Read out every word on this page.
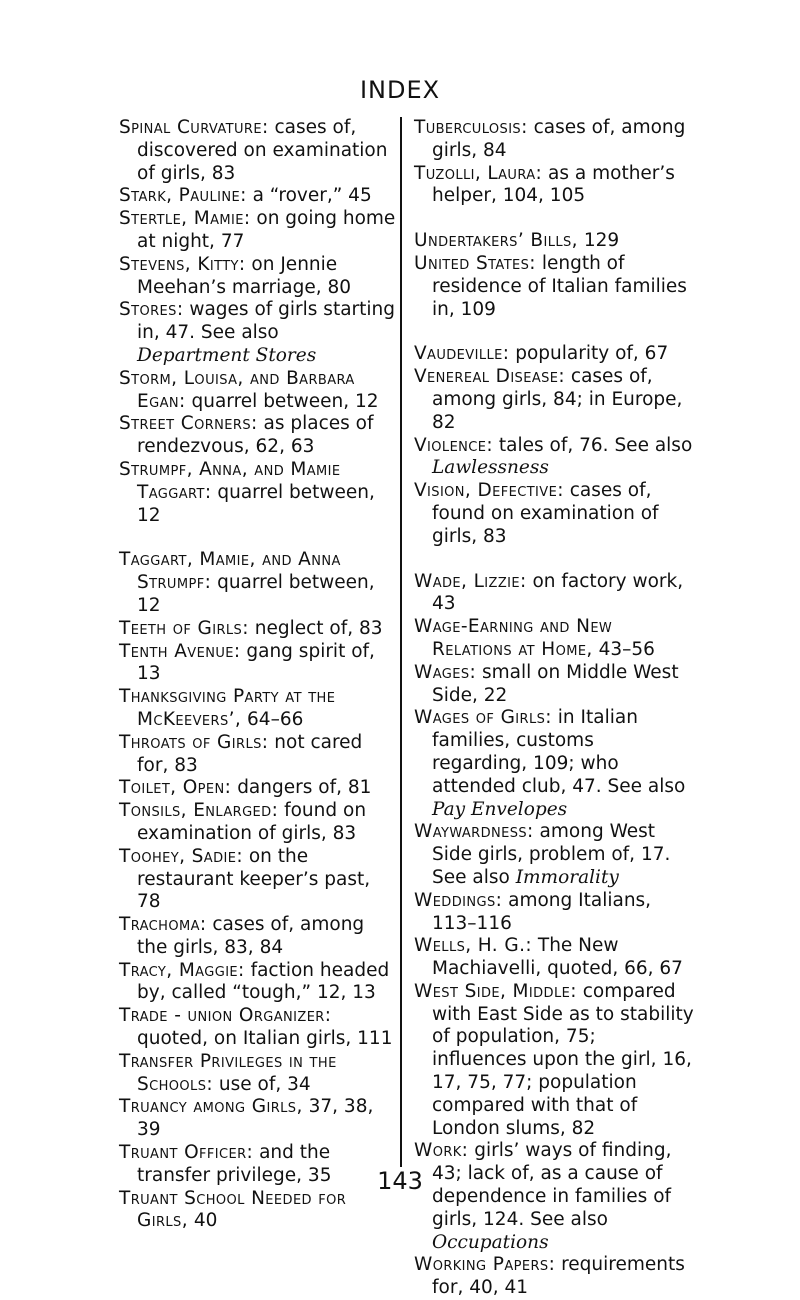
INDEX
Spinal Curvature: cases of, discovered on examination of girls, 83
Stark, Pauline: a “rover,” 45
Stertle, Mamie: on going home at night, 77
Stevens, Kitty: on Jennie Meehan’s marriage, 80
Stores: wages of girls starting in, 47. See also Department Stores
Storm, Louisa, and Barbara Egan: quarrel between, 12
Street Corners: as places of rendezvous, 62, 63
Strumpf, Anna, and Mamie Taggart: quarrel between, 12
Taggart, Mamie, and Anna Strumpf: quarrel between, 12
Teeth of Girls: neglect of, 83
Tenth Avenue: gang spirit of, 13
Thanksgiving Party at the McKeevers’, 64–66
Throats of Girls: not cared for, 83
Toilet, Open: dangers of, 81
Tonsils, Enlarged: found on examination of girls, 83
Toohey, Sadie: on the restaurant keeper’s past, 78
Trachoma: cases of, among the girls, 83, 84
Tracy, Maggie: faction headed by, called “tough,” 12, 13
Trade - union Organizer: quoted, on Italian girls, 111
Transfer Privileges in the Schools: use of, 34
Truancy among Girls, 37, 38, 39
Truant Officer: and the transfer privilege, 35
Truant School Needed for Girls, 40
Tuberculosis: cases of, among girls, 84
Tuzolli, Laura: as a mother’s helper, 104, 105
Undertakers’ Bills, 129
United States: length of residence of Italian families in, 109
Vaudeville: popularity of, 67
Venereal Disease: cases of, among girls, 84; in Europe, 82
Violence: tales of, 76. See also Lawlessness
Vision, Defective: cases of, found on examination of girls, 83
Wade, Lizzie: on factory work, 43
Wage-Earning and New Relations at Home, 43–56
Wages: small on Middle West Side, 22
Wages of Girls: in Italian families, customs regarding, 109; who attended club, 47. See also Pay Envelopes
Waywardness: among West Side girls, problem of, 17. See also Immorality
Weddings: among Italians, 113–116
Wells, H. G.: The New Machiavelli, quoted, 66, 67
West Side, Middle: compared with East Side as to stability of population, 75; influences upon the girl, 16, 17, 75, 77; population compared with that of London slums, 82
Work: girls’ ways of finding, 43; lack of, as a cause of dependence in families of girls, 124. See also Occupations
Working Papers: requirements for, 40, 41
143
